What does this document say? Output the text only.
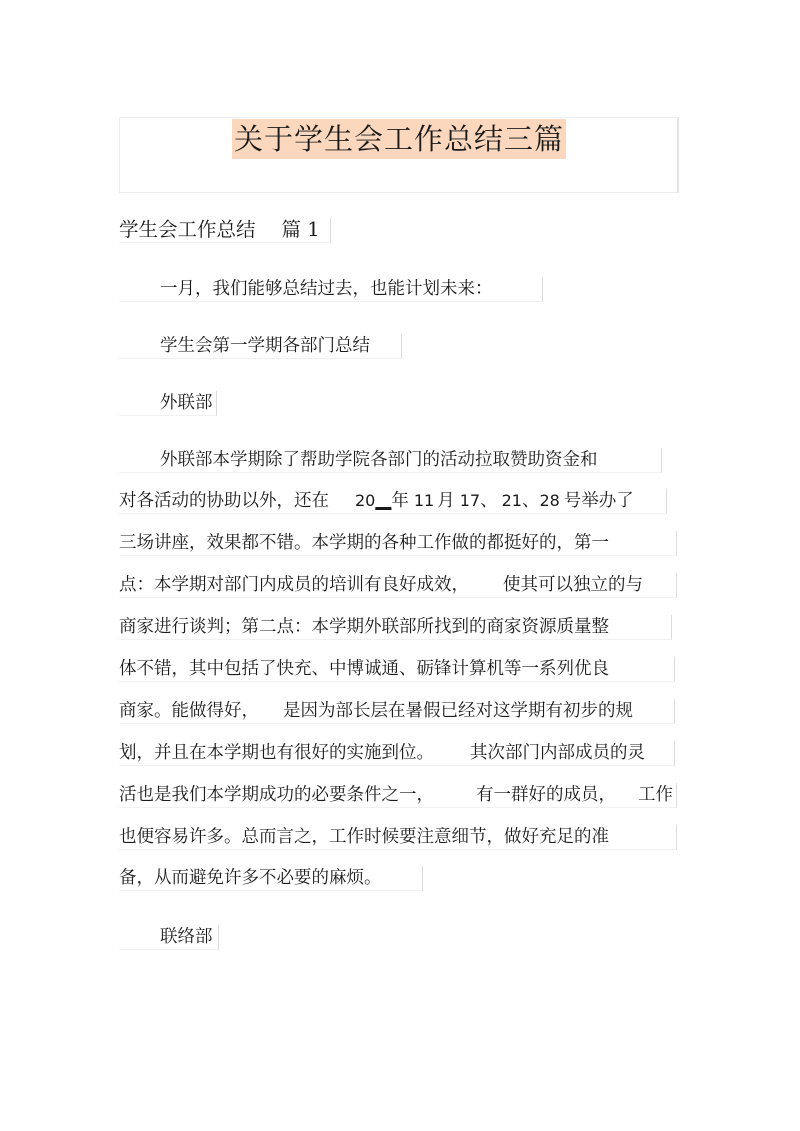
关于学生会工作总结三篇
学生会工作总结 篇 1
一月，我们能够总结过去，也能计划未来：
学生会第一学期各部门总结
外联部
外联部本学期除了帮助学院各部门的活动拉取赞助资金和
对各活动的协助以外，还在 20__年 11 月 17、 21、28 号举办了
三场讲座，效果都不错。本学期的各种工作做的都挺好的，第一
点：本学期对部门内成员的培训有良好成效， 使其可以独立的与
商家进行谈判；第二点：本学期外联部所找到的商家资源质量整
体不错，其中包括了快充、中博诚通、砺锋计算机等一系列优良
商家。能做得好， 是因为部长层在暑假已经对这学期有初步的规
划，并且在本学期也有很好的实施到位。 其次部门内部成员的灵
活也是我们本学期成功的必要条件之一， 有一群好的成员， 工作
也便容易许多。总而言之，工作时候要注意细节，做好充足的准
备，从而避免许多不必要的麻烦。
联络部
